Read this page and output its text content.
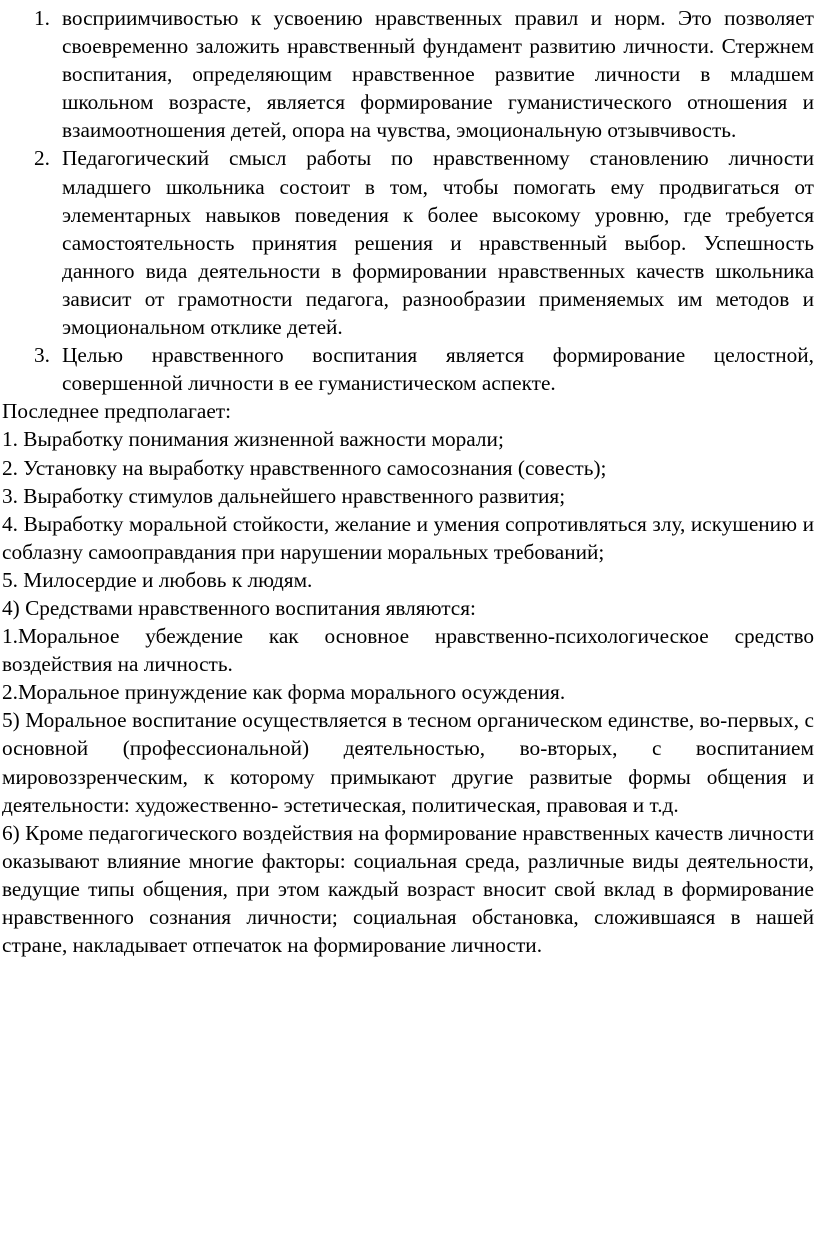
1. восприимчивостью к усвоению нравственных правил и норм. Это позволяет своевременно заложить нравственный фундамент развитию личности. Стержнем воспитания, определяющим нравственное развитие личности в младшем школьном возрасте, является формирование гуманистического отношения и взаимоотношения детей, опора на чувства, эмоциональную отзывчивость.
2. Педагогический смысл работы по нравственному становлению личности младшего школьника состоит в том, чтобы помогать ему продвигаться от элементарных навыков поведения к более высокому уровню, где требуется самостоятельность принятия решения и нравственный выбор. Успешность данного вида деятельности в формировании нравственных качеств школьника зависит от грамотности педагога, разнообразии применяемых им методов и эмоциональном отклике детей.
3. Целью нравственного воспитания является формирование целостной, совершенной личности в ее гуманистическом аспекте.

Последнее предполагает:

1. Выработку понимания жизненной важности морали;

2. Установку на выработку нравственного самосознания (совесть);

3. Выработку стимулов дальнейшего нравственного развития;

4. Выработку моральной стойкости, желание и умения сопротивляться злу, искушению и соблазну самооправдания при нарушении моральных требований;

5. Милосердие и любовь к людям.

4) Средствами нравственного воспитания являются:

1.Моральное убеждение как основное нравственно-психологическое средство воздействия на личность.

2.Моральное принуждение как форма морального осуждения.

5) Моральное воспитание осуществляется в тесном органическом единстве, во-первых, с основной (профессиональной) деятельностью, во-вторых, с воспитанием мировоззренческим, к которому примыкают другие развитые формы общения и деятельности: художественно- эстетическая, политическая, правовая и т.д.

6) Кроме педагогического воздействия на формирование нравственных качеств личности оказывают влияние многие факторы: социальная среда, различные виды деятельности, ведущие типы общения, при этом каждый возраст вносит свой вклад в формирование нравственного сознания личности; социальная обстановка, сложившаяся в нашей стране, накладывает отпечаток на формирование личности.
